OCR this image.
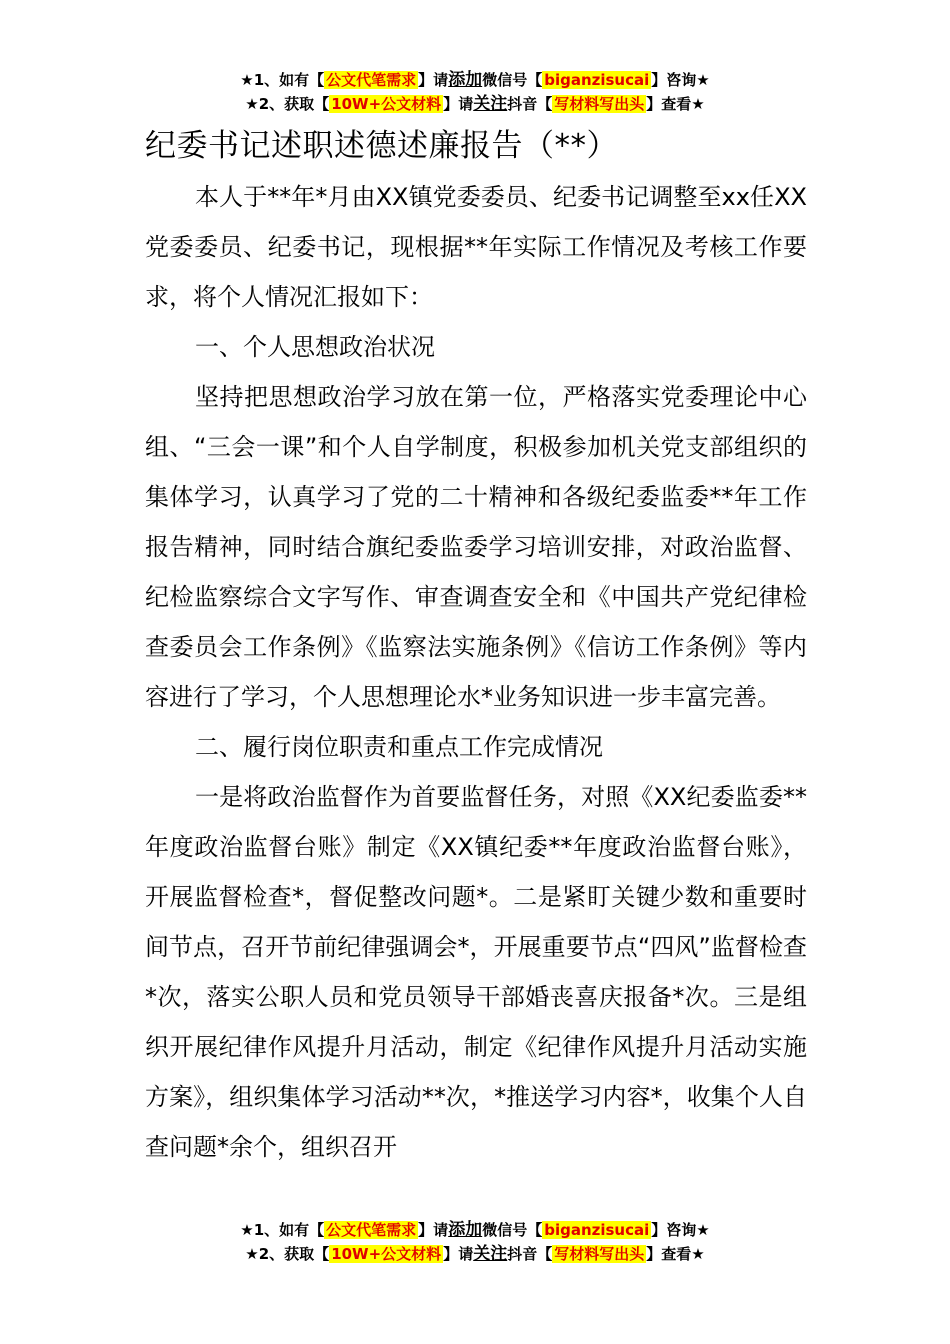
★1、如有【 公文代笔需求 】请添加微信号【 biganzisucai 】咨询★
★2、获取【 10W+公文材料 】请关注抖音【 写材料写出头 】查看★
纪委书记述职述德述廉报告（**）

本人于**年*月由XX镇党委委员、纪委书记调整至xx任XX党委委员、纪委书记，现根据**年实际工作情况及考核工作要求，将个人情况汇报如下：

一、个人思想政治状况

坚持把思想政治学习放在第一位，严格落实党委理论中心组、“三会一课”和个人自学制度，积极参加机关党支部组织的集体学习，认真学习了党的二十精神和各级纪委监委**年工作报告精神，同时结合旗纪委监委学习培训安排，对政治监督、纪检监察综合文字写作、审查调查安全和《中国共产党纪律检查委员会工作条例》《监察法实施条例》《信访工作条例》等内容进行了学习，个人思想理论水*业务知识进一步丰富完善。

二、履行岗位职责和重点工作完成情况

一是将政治监督作为首要监督任务，对照《XX纪委监委**年度政治监督台账》制定《XX镇纪委**年度政治监督台账》，开展监督检查*，督促整改问题*。二是紧盯关键少数和重要时间节点，召开节前纪律强调会*，开展重要节点“四风”监督检查*次，落实公职人员和党员领导干部婚丧喜庆报备*次。三是组织开展纪律作风提升月活动，制定《纪律作风提升月活动实施方案》，组织集体学习活动**次，*推送学习内容*，收集个人自查问题*余个，组织召开

★1、如有【 公文代笔需求 】请添加微信号【 biganzisucai 】咨询★
★2、获取【 10W+公文材料 】请关注抖音【 写材料写出头 】查看★
